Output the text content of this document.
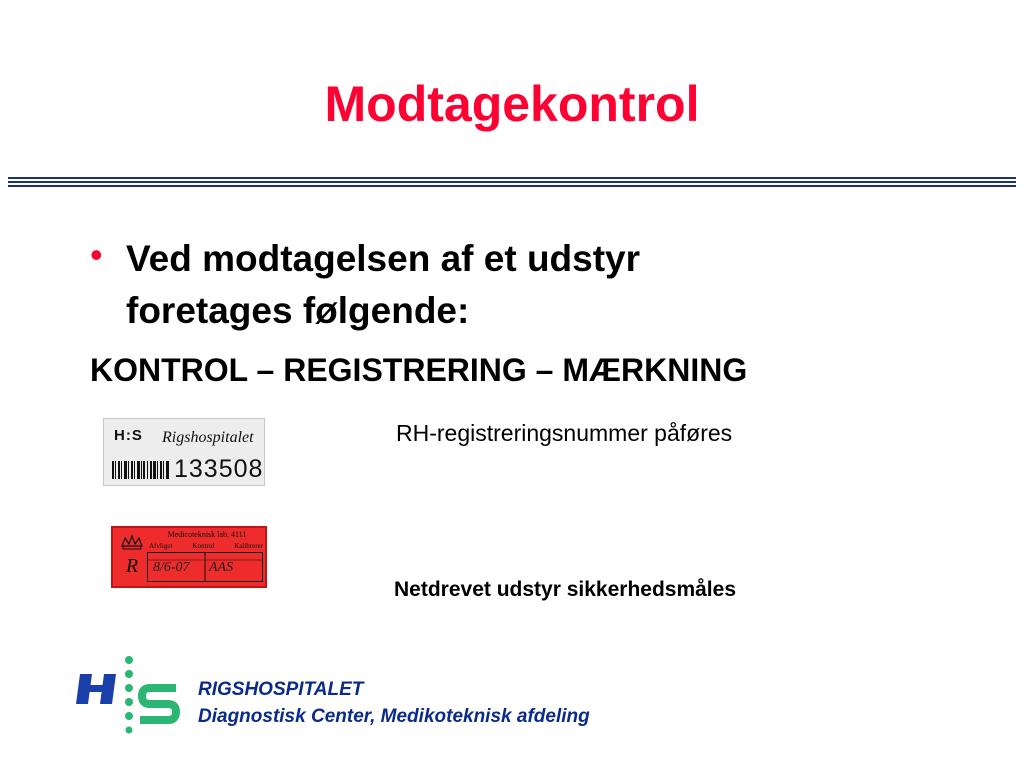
Modtagekontrol
• Ved modtagelsen af et udstyr
foretages følgende:
KONTROL – REGISTRERING – MÆRKNING
H:S Rigshospitalet
133508
RH-registreringsnummer påføres
R
Medicoteknisk lab. 4111
Afvliget	Kontrol	Kalibrerer
8/6-07 AAS
Netdrevet udstyr sikkerhedsmåles
RIGSHOSPITALET
Diagnostisk Center, Medikoteknisk afdeling
